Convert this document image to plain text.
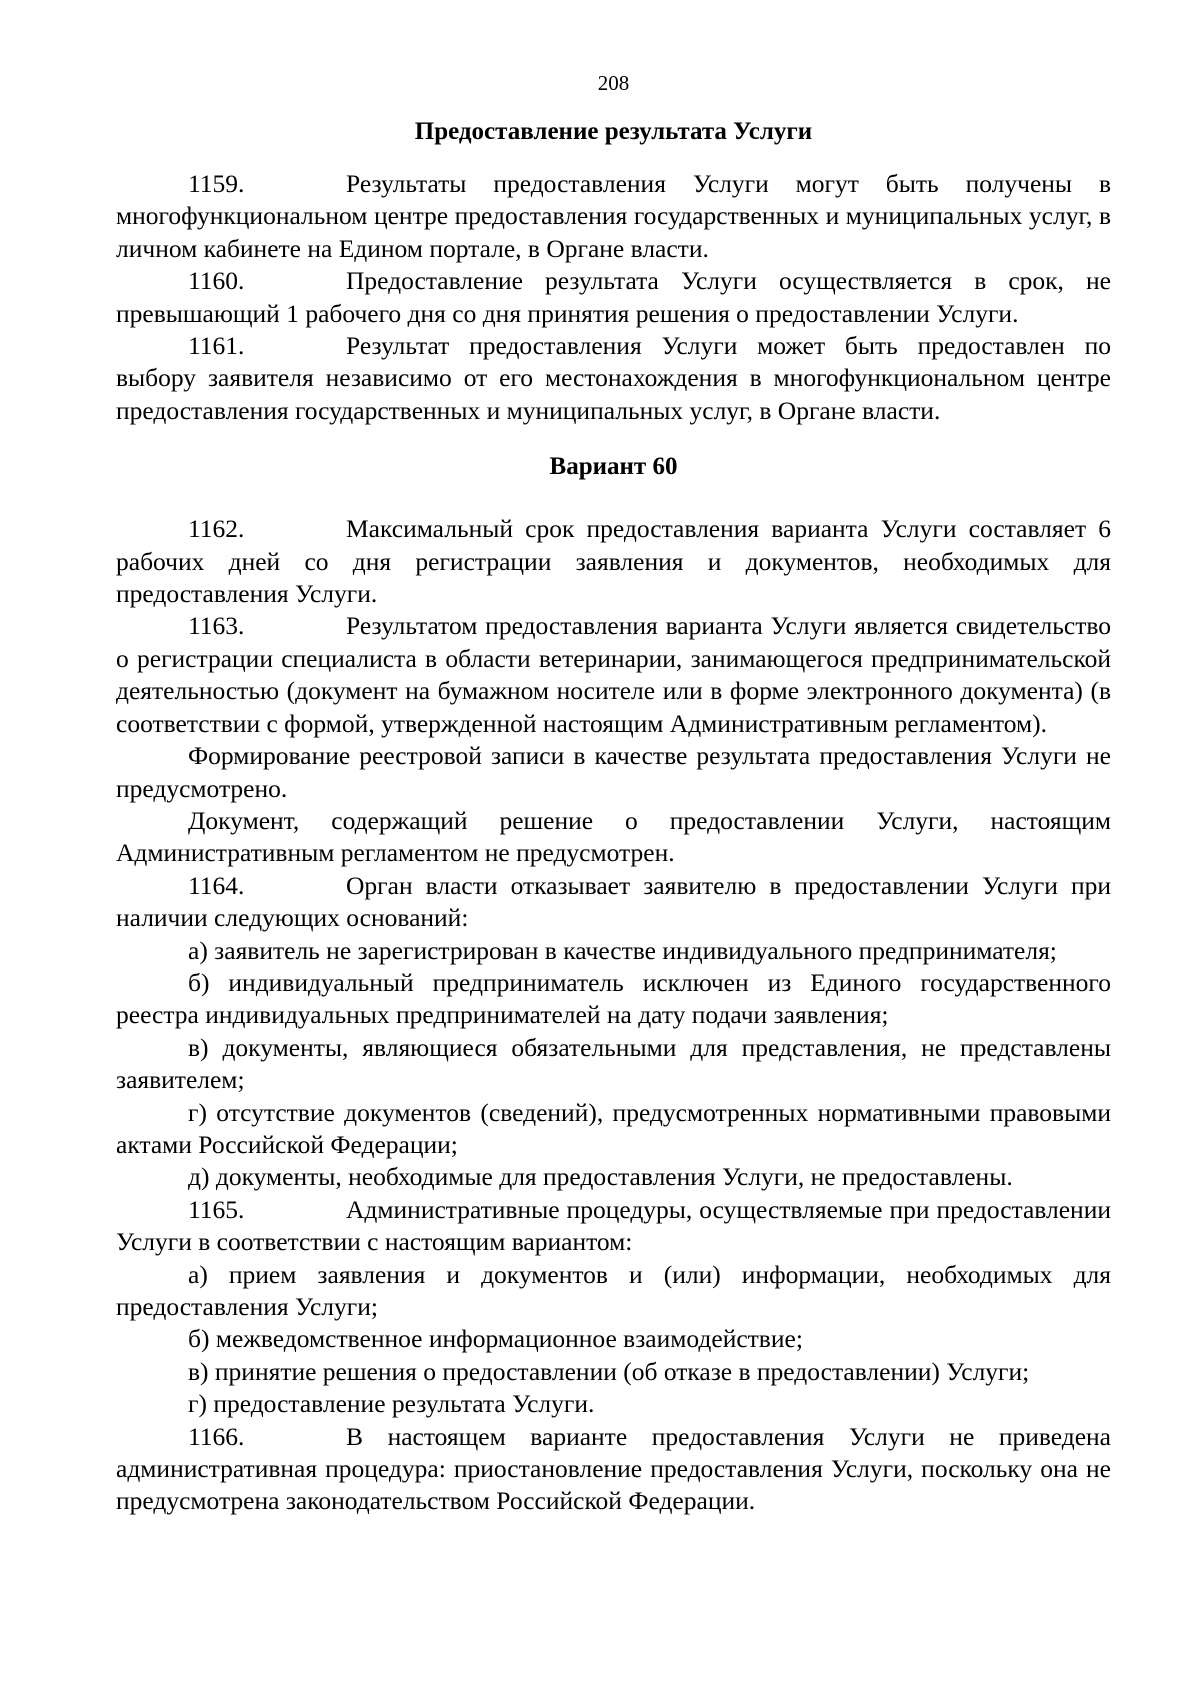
208
Предоставление результата Услуги

1159.	Результаты предоставления Услуги могут быть получены в многофункциональном центре предоставления государственных и муниципальных услуг, в личном кабинете на Едином портале, в Органе власти.

1160.	Предоставление результата Услуги осуществляется в срок, не превышающий 1 рабочего дня со дня принятия решения о предоставлении Услуги.

1161.	Результат предоставления Услуги может быть предоставлен по выбору заявителя независимо от его местонахождения в многофункциональном центре предоставления государственных и муниципальных услуг, в Органе власти.

Вариант 60

1162.	Максимальный срок предоставления варианта Услуги составляет 6 рабочих дней со дня регистрации заявления и документов, необходимых для предоставления Услуги.

1163.	Результатом предоставления варианта Услуги является свидетельство о регистрации специалиста в области ветеринарии, занимающегося предпринимательской деятельностью (документ на бумажном носителе или в форме электронного документа) (в соответствии с формой, утвержденной настоящим Административным регламентом).

Формирование реестровой записи в качестве результата предоставления Услуги не предусмотрено.

Документ, содержащий решение о предоставлении Услуги, настоящим Административным регламентом не предусмотрен.

1164.	Орган власти отказывает заявителю в предоставлении Услуги при наличии следующих оснований:

а) заявитель не зарегистрирован в качестве индивидуального предпринимателя;

б) индивидуальный предприниматель исключен из Единого государственного реестра индивидуальных предпринимателей на дату подачи заявления;

в) документы, являющиеся обязательными для представления, не представлены заявителем;

г) отсутствие документов (сведений), предусмотренных нормативными правовыми актами Российской Федерации;

д) документы, необходимые для предоставления Услуги, не предоставлены.

1165.	Административные процедуры, осуществляемые при предоставлении Услуги в соответствии с настоящим вариантом:

а) прием заявления и документов и (или) информации, необходимых для предоставления Услуги;

б) межведомственное информационное взаимодействие;

в) принятие решения о предоставлении (об отказе в предоставлении) Услуги;

г) предоставление результата Услуги.

1166.	В настоящем варианте предоставления Услуги не приведена административная процедура: приостановление предоставления Услуги, поскольку она не предусмотрена законодательством Российской Федерации.
